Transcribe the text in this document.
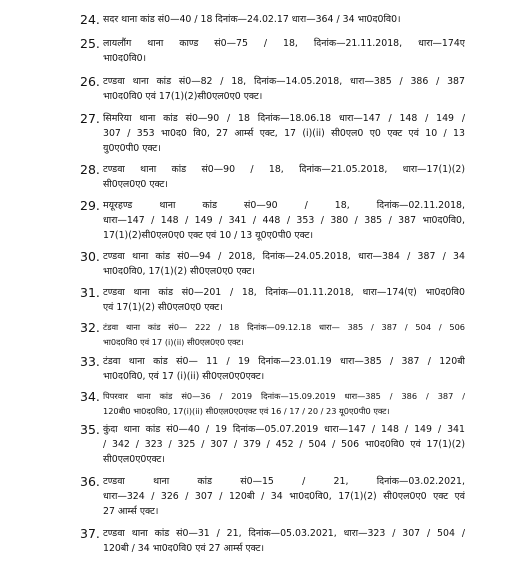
24. सदर थाना कांड सं0—40 / 18 दिनांक—24.02.17 धारा—364 / 34 भा0द0वि0।
25. लायलौंग थाना काण्ड सं0—75 / 18, दिनांक—21.11.2018, धारा—174ए
भा0द0वि0।
26. टण्डवा थाना कांड सं0—82 / 18, दिनांक—14.05.2018, धारा—385 / 386 / 387
भा0द0वि0 एवं 17(1)(2)सी0एल0ए0 एक्ट।
27. सिमरिया थाना कांड सं0—90 / 18 दिनांक—18.06.18 धारा—147 / 148 / 149 /
307 / 353 भा0द0 वि0, 27 आर्म्स एक्ट, 17 (i)(ii) सी0एल0 ए0 एक्ट एवं 10 / 13
यु0ए0पी0 एक्ट।
28. टण्डवा थाना कांड सं0—90 / 18, दिनांक—21.05.2018, धारा—17(1)(2)
सी0एल0ए0 एक्ट।
29. मयूरहण्ड थाना कांड सं0—90 / 18, दिनांक—02.11.2018,
धारा—147 / 148 / 149 / 341 / 448 / 353 / 380 / 385 / 387 भा0द0वि0,
17(1)(2)सी0एल0ए0 एक्ट एवं 10 / 13 यू0ए0पी0 एक्ट।
30. टण्डवा थाना कांड सं0—94 / 2018, दिनांक—24.05.2018, धारा—384 / 387 / 34
भा0द0वि0, 17(1)(2) सी0एल0ए0 एक्ट।
31. टण्डवा थाना कांड सं0—201 / 18, दिनांक—01.11.2018, धारा—174(ए) भा0द0वि0
एवं 17(1)(2) सी0एल0ए0 एक्ट।
32. टंडवा थाना कांड सं0— 222 / 18 दिनांक—09.12.18 धारा— 385 / 387 / 504 / 506
भा0द0वि0 एवं 17 (i)(ii) सी0एल0ए0 एक्ट।
33. टंडवा थाना कांड सं0— 11 / 19 दिनांक—23.01.19 धारा—385 / 387 / 120बी
भा0द0वि0, एवं 17 (i)(ii) सी0एल0ए0एक्ट।
34. पिपरवार थाना कांड सं0—36 / 2019 दिनांक—15.09.2019 धारा—385 / 386 / 387 /
120बी0 भा0द0वि0, 17(i)(ii) सी0एल0ए0एक्ट एवं 16 / 17 / 20 / 23 यू0ए0पी0 एक्ट।
35. कुंदा थाना कांड सं0—40 / 19 दिनांक—05.07.2019 धारा—147 / 148 / 149 / 341
/ 342 / 323 / 325 / 307 / 379 / 452 / 504 / 506 भा0द0वि0 एवं 17(1)(2)
सी0एल0ए0एक्ट।
36. टण्डवा थाना कांड सं0—15 / 21, दिनांक—03.02.2021,
धारा—324 / 326 / 307 / 120बी / 34 भा0द0वि0, 17(1)(2) सी0एल0ए0 एक्ट एवं
27 आर्म्स एक्ट।
37. टण्डवा थाना कांड सं0—31 / 21, दिनांक—05.03.2021, धारा—323 / 307 / 504 /
120बी / 34 भा0द0वि0 एवं 27 आर्म्स एक्ट।
